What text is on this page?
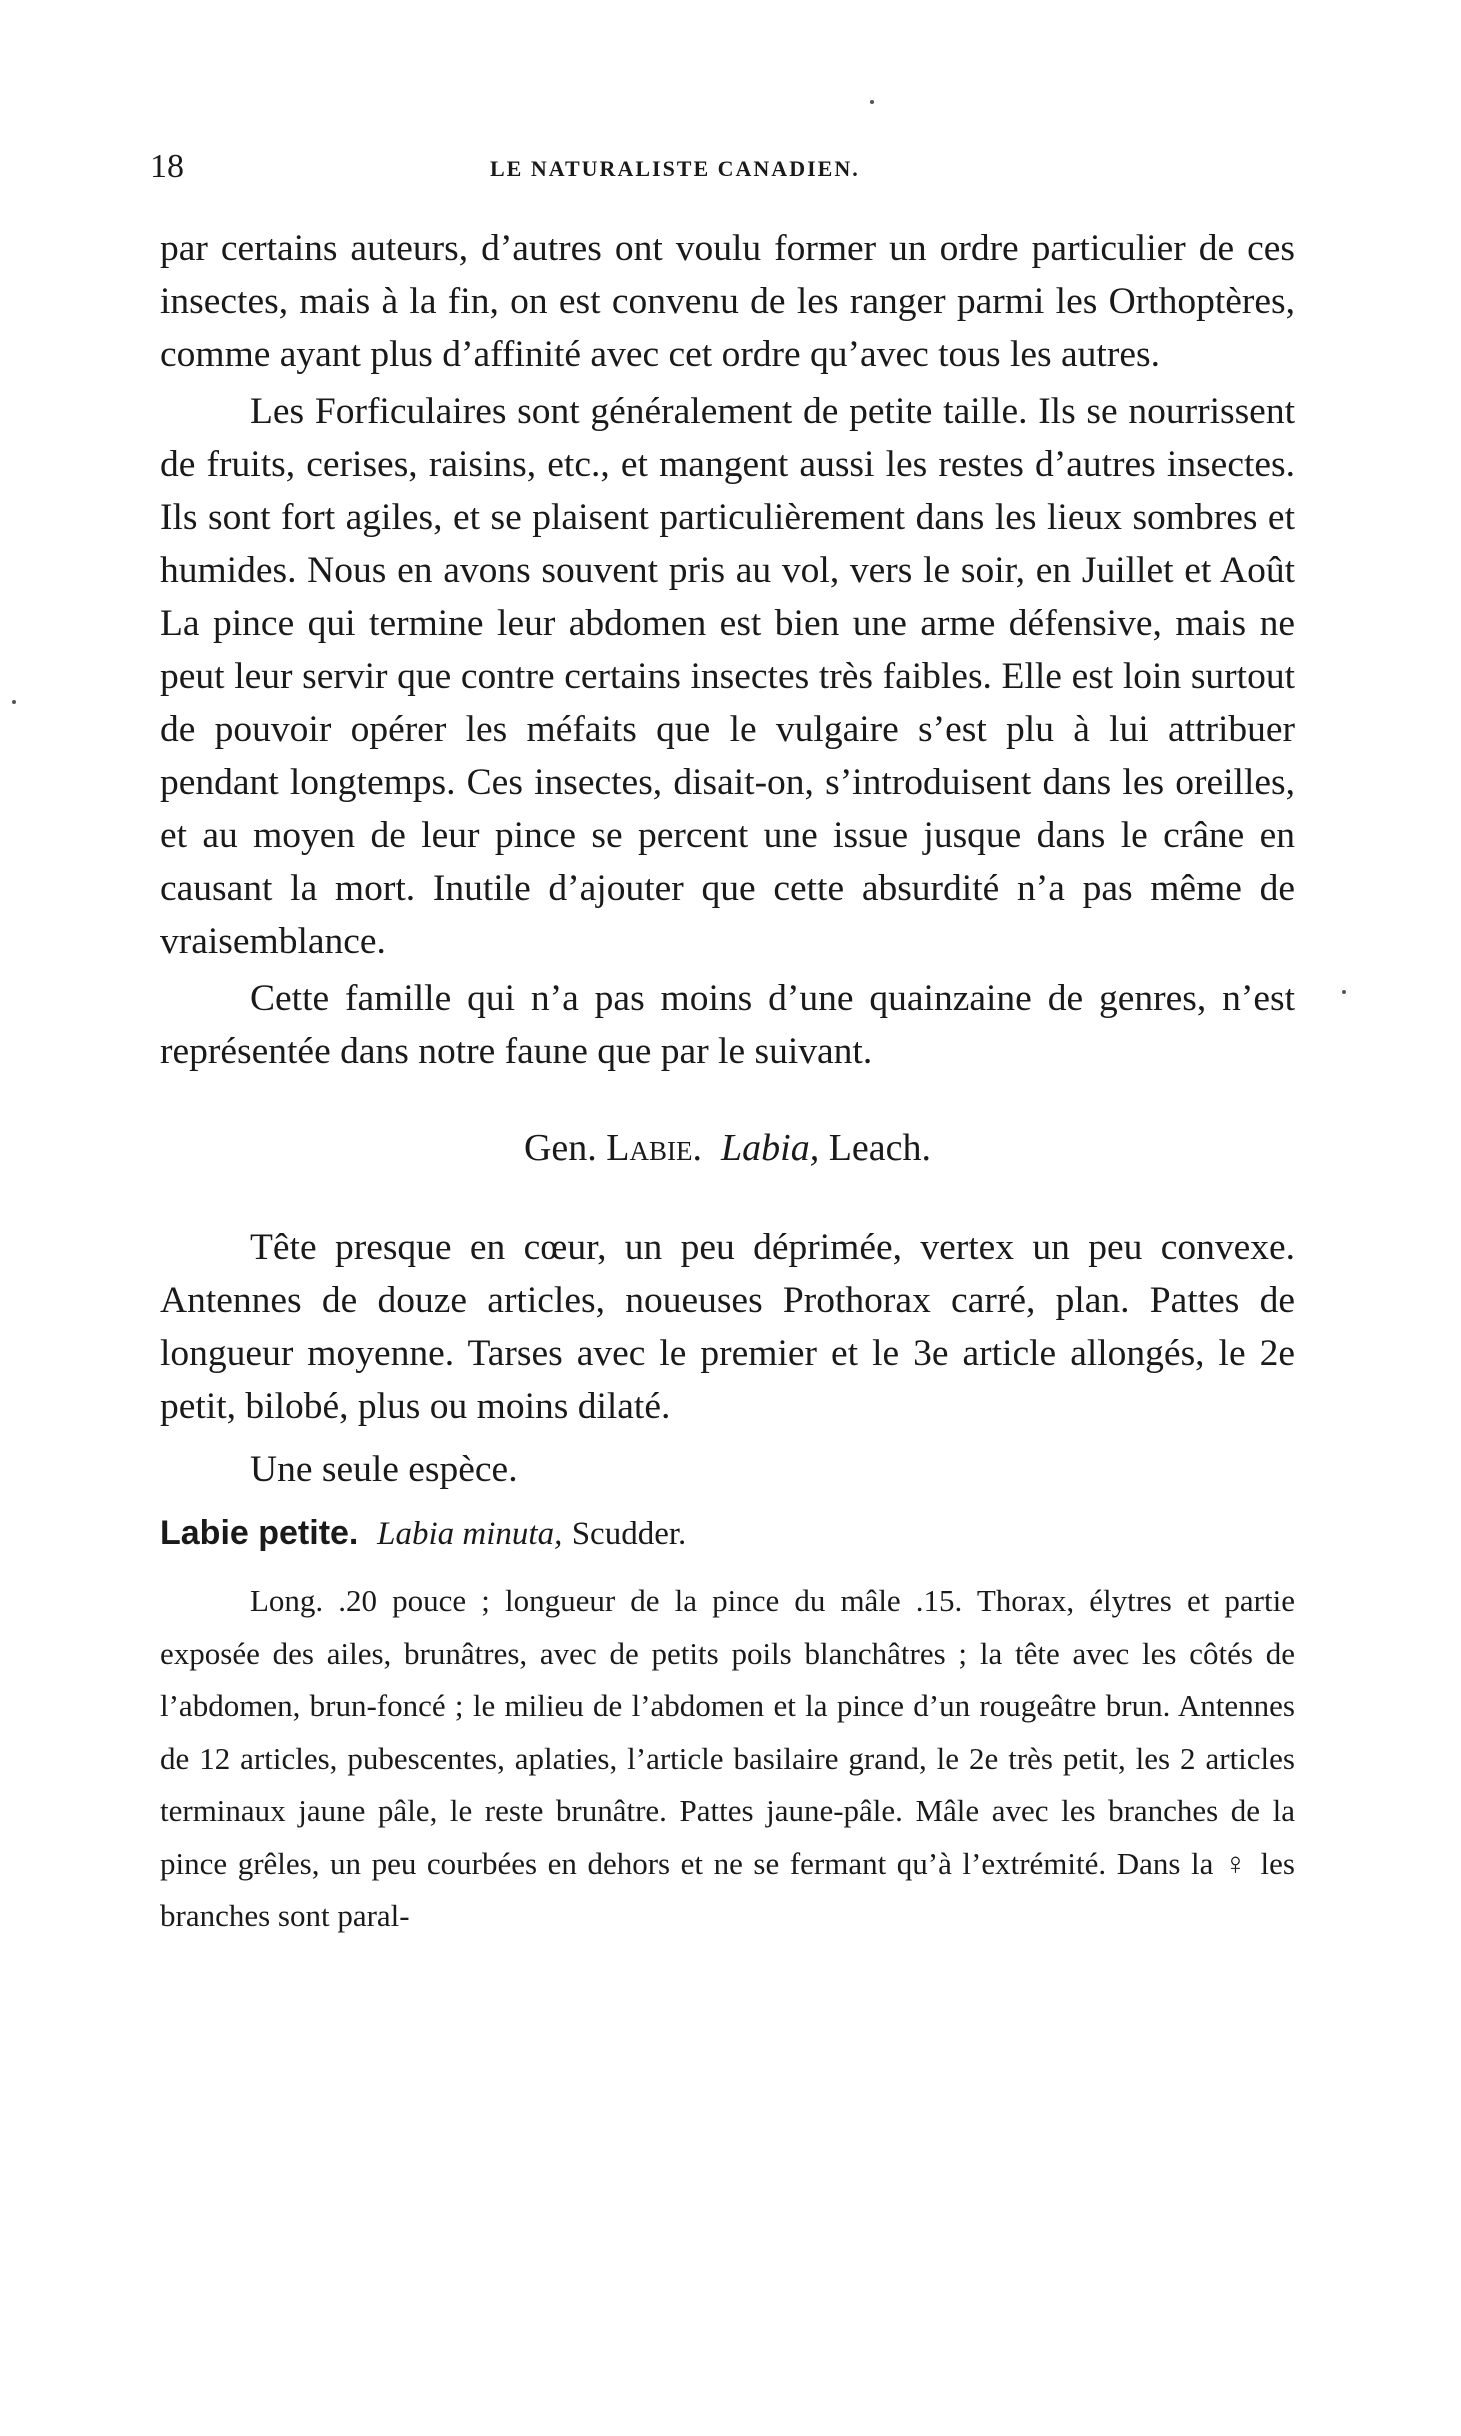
18	LE NATURALISTE CANADIEN.

par certains auteurs, d’autres ont voulu former un ordre particulier de ces insectes, mais à la fin, on est convenu de les ranger parmi les Orthoptères, comme ayant plus d’affinité avec cet ordre qu’avec tous les autres.

Les Forficulaires sont généralement de petite taille. Ils se nourrissent de fruits, cerises, raisins, etc., et mangent aussi les restes d’autres insectes. Ils sont fort agiles, et se plaisent particulièrement dans les lieux sombres et humides. Nous en avons souvent pris au vol, vers le soir, en Juillet et Août La pince qui termine leur abdomen est bien une arme défensive, mais ne peut leur servir que contre certains insectes très faibles. Elle est loin surtout de pouvoir opérer les méfaits que le vulgaire s’est plu à lui attribuer pendant longtemps. Ces insectes, disait-on, s’introduisent dans les oreilles, et au moyen de leur pince se percent une issue jusque dans le crâne en causant la mort. Inutile d’ajouter que cette absurdité n’a pas même de vraisemblance.

Cette famille qui n’a pas moins d’une quainzaine de genres, n’est représentée dans notre faune que par le suivant.

Gen. Labie. Labia, Leach.

Tête presque en cœur, un peu déprimée, vertex un peu convexe. Antennes de douze articles, noueuses Prothorax carré, plan. Pattes de longueur moyenne. Tarses avec le premier et le 3e article allongés, le 2e petit, bilobé, plus ou moins dilaté.

Une seule espèce.

Labie petite. Labia minuta, Scudder.

Long. .20 pouce ; longueur de la pince du mâle .15. Thorax, élytres et partie exposée des ailes, brunâtres, avec de petits poils blanchâtres ; la tête avec les côtés de l’abdomen, brun-foncé ; le milieu de l’abdomen et la pince d’un rougeâtre brun. Antennes de 12 articles, pubescentes, aplaties, l’article basilaire grand, le 2e très petit, les 2 articles terminaux jaune pâle, le reste brunâtre. Pattes jaune-pâle. Mâle avec les branches de la pince grêles, un peu courbées en dehors et ne se fermant qu’à l’extrémité. Dans la ♀ les branches sont paral-
